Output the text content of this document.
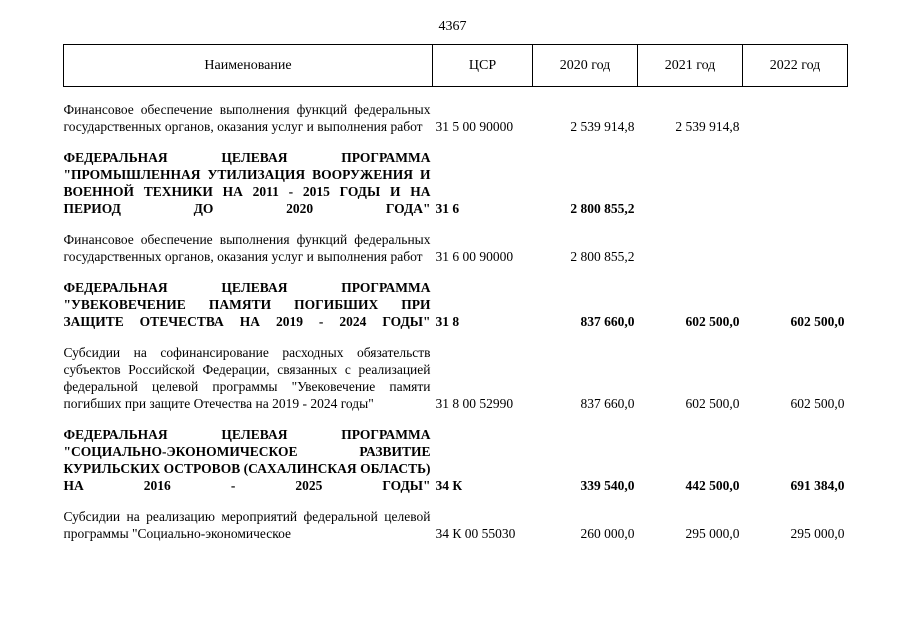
4367
Наименование	ЦСР	2020 год	2021 год	2022 год

Финансовое обеспечение выполнения функций федеральных государственных органов, оказания услуг и выполнения работ	31 5 00 90000	2 539 914,8	2 539 914,8	

ФЕДЕРАЛЬНАЯ ЦЕЛЕВАЯ ПРОГРАММА "ПРОМЫШЛЕННАЯ УТИЛИЗАЦИЯ ВООРУЖЕНИЯ И ВОЕННОЙ ТЕХНИКИ НА 2011 - 2015 ГОДЫ И НА ПЕРИОД ДО 2020 ГОДА"	31 6	2 800 855,2		

Финансовое обеспечение выполнения функций федеральных государственных органов, оказания услуг и выполнения работ	31 6 00 90000	2 800 855,2		

ФЕДЕРАЛЬНАЯ ЦЕЛЕВАЯ ПРОГРАММА "УВЕКОВЕЧЕНИЕ ПАМЯТИ ПОГИБШИХ ПРИ ЗАЩИТЕ ОТЕЧЕСТВА НА 2019 - 2024 ГОДЫ"	31 8	837 660,0	602 500,0	602 500,0

Субсидии на софинансирование расходных обязательств субъектов Российской Федерации, связанных с реализацией федеральной целевой программы "Увековечение памяти погибших при защите Отечества на 2019 - 2024 годы"	31 8 00 52990	837 660,0	602 500,0	602 500,0

ФЕДЕРАЛЬНАЯ ЦЕЛЕВАЯ ПРОГРАММА "СОЦИАЛЬНО-ЭКОНОМИЧЕСКОЕ РАЗВИТИЕ КУРИЛЬСКИХ ОСТРОВОВ (САХАЛИНСКАЯ ОБЛАСТЬ) НА 2016 - 2025 ГОДЫ"	34 К	339 540,0	442 500,0	691 384,0

Субсидии на реализацию мероприятий федеральной целевой программы "Социально-экономическое	34 К 00 55030	260 000,0	295 000,0	295 000,0
